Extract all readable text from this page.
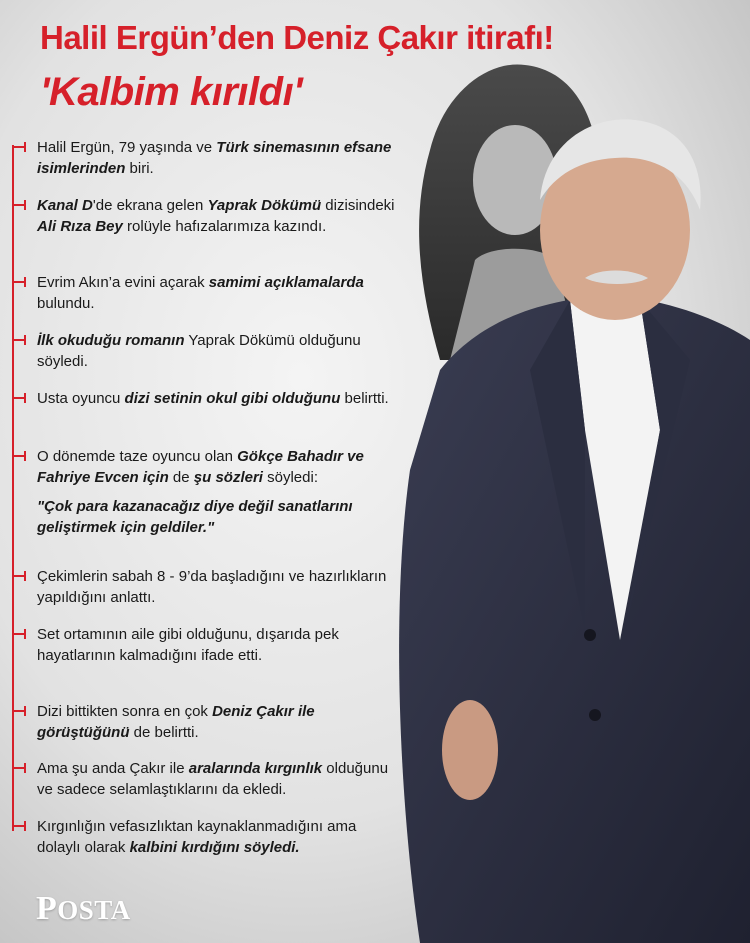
Halil Ergün’den Deniz Çakır itirafı!
'Kalbim kırıldı'
Halil Ergün, 79 yaşında ve Türk sinemasının efsane isimlerinden biri.
Kanal D'de ekrana gelen Yaprak Dökümü dizisindeki Ali Rıza Bey rolüyle hafızalarımıza kazındı.
Evrim Akın’a evini açarak samimi açıklamalarda bulundu.
İlk okuduğu romanın Yaprak Dökümü olduğunu söyledi.
Usta oyuncu dizi setinin okul gibi olduğunu belirtti.
O dönemde taze oyuncu olan Gökçe Bahadır ve Fahriye Evcen için de şu sözleri söyledi:
"Çok para kazanacağız diye değil sanatlarını geliştirmek için geldiler."
Çekimlerin sabah 8 - 9’da başladığını ve hazırlıkların yapıldığını anlattı.
Set ortamının aile gibi olduğunu, dışarıda pek hayatlarının kalmadığını ifade etti.
Dizi bittikten sonra en çok Deniz Çakır ile görüştüğünü de belirtti.
Ama şu anda Çakır ile aralarında kırgınlık olduğunu ve sadece selamlaştıklarını da ekledi.
Kırgınlığın vefasızlıktan kaynaklanmadığını ama dolaylı olarak kalbini kırdığını söyledi.
POSTA
